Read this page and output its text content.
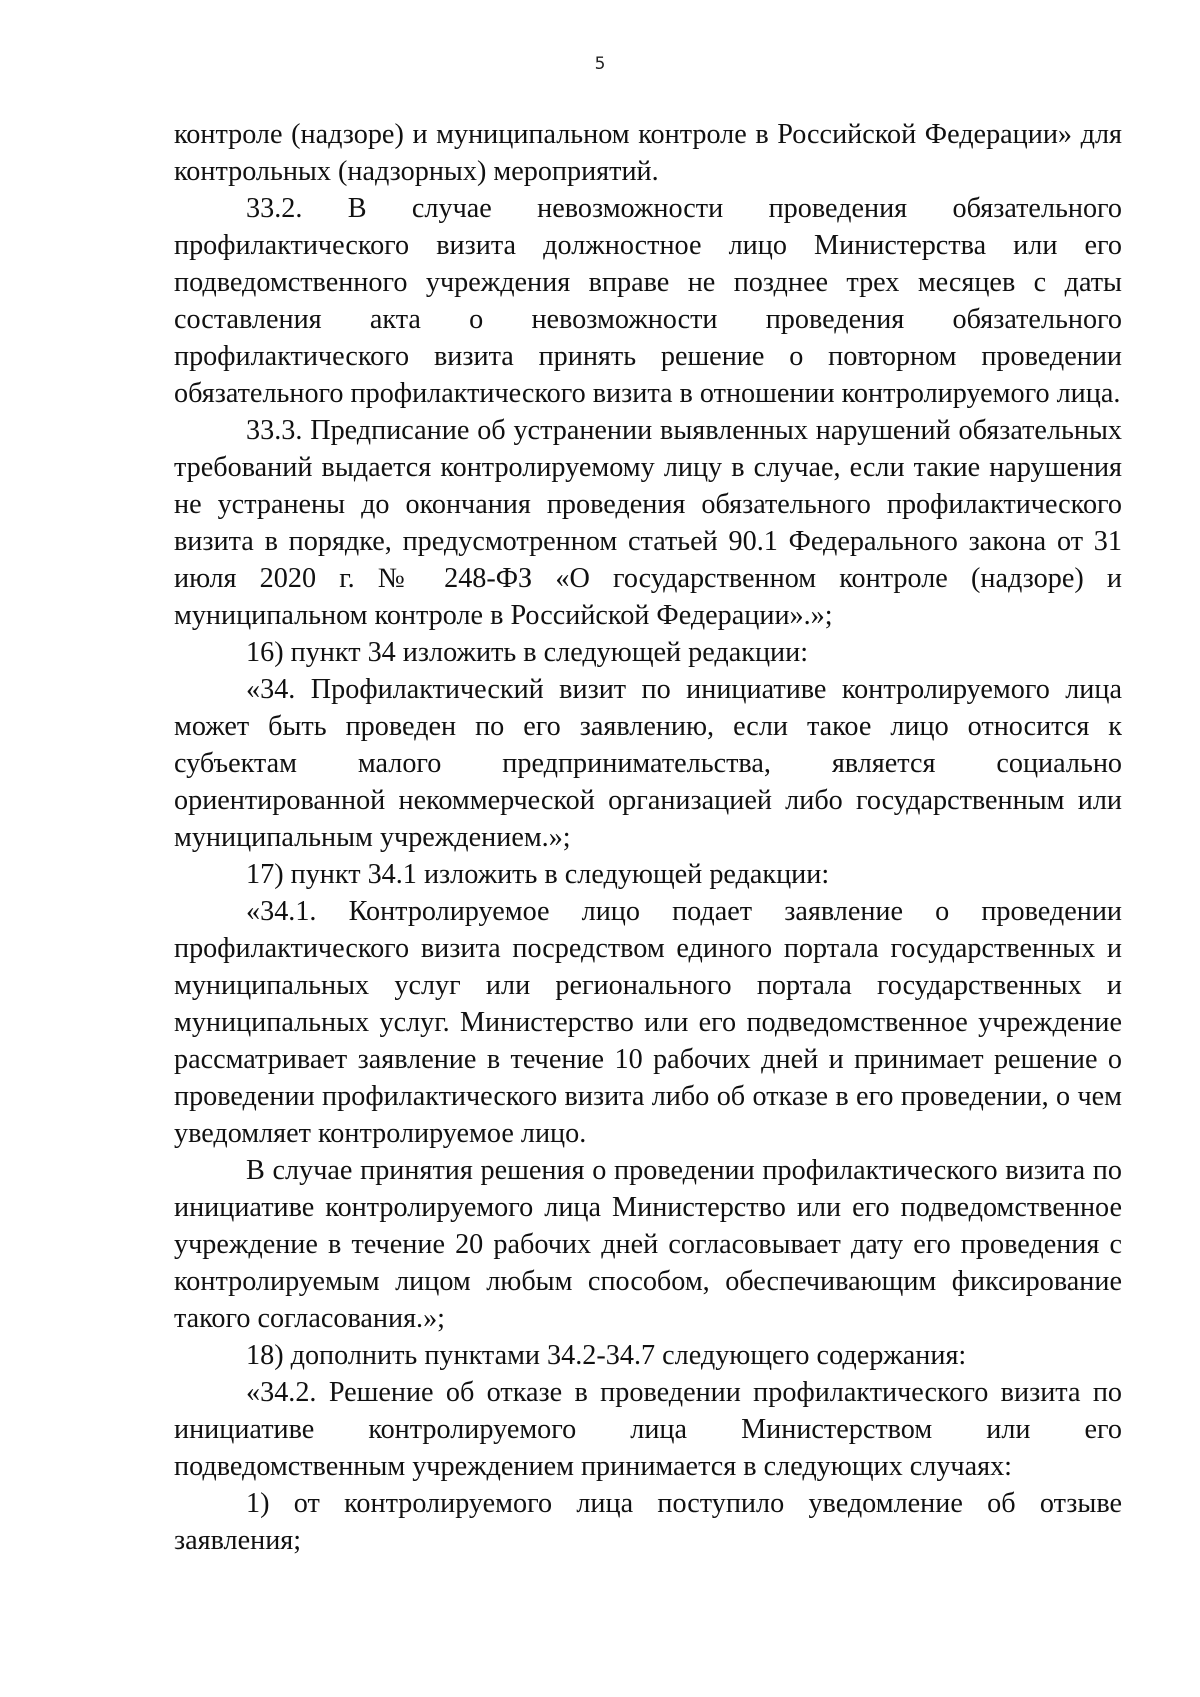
5

контроле (надзоре) и муниципальном контроле в Российской Федерации» для контрольных (надзорных) мероприятий.

33.2. В случае невозможности проведения обязательного профилактического визита должностное лицо Министерства или его подведомственного учреждения вправе не позднее трех месяцев с даты составления акта о невозможности проведения обязательного профилактического визита принять решение о повторном проведении обязательного профилактического визита в отношении контролируемого лица.

33.3. Предписание об устранении выявленных нарушений обязательных требований выдается контролируемому лицу в случае, если такие нарушения не устранены до окончания проведения обязательного профилактического визита в порядке, предусмотренном статьей 90.1 Федерального закона от 31 июля 2020 г. № 248-ФЗ «О государственном контроле (надзоре) и муниципальном контроле в Российской Федерации».»;

16) пункт 34 изложить в следующей редакции:

«34. Профилактический визит по инициативе контролируемого лица может быть проведен по его заявлению, если такое лицо относится к субъектам малого предпринимательства, является социально ориентированной некоммерческой организацией либо государственным или муниципальным учреждением.»;

17) пункт 34.1 изложить в следующей редакции:

«34.1. Контролируемое лицо подает заявление о проведении профилактического визита посредством единого портала государственных и муниципальных услуг или регионального портала государственных и муниципальных услуг. Министерство или его подведомственное учреждение рассматривает заявление в течение 10 рабочих дней и принимает решение о проведении профилактического визита либо об отказе в его проведении, о чем уведомляет контролируемое лицо.

В случае принятия решения о проведении профилактического визита по инициативе контролируемого лица Министерство или его подведомственное учреждение в течение 20 рабочих дней согласовывает дату его проведения с контролируемым лицом любым способом, обеспечивающим фиксирование такого согласования.»;

18) дополнить пунктами 34.2-34.7 следующего содержания:

«34.2. Решение об отказе в проведении профилактического визита по инициативе контролируемого лица Министерством или его подведомственным учреждением принимается в следующих случаях:

1) от контролируемого лица поступило уведомление об отзыве заявления;
